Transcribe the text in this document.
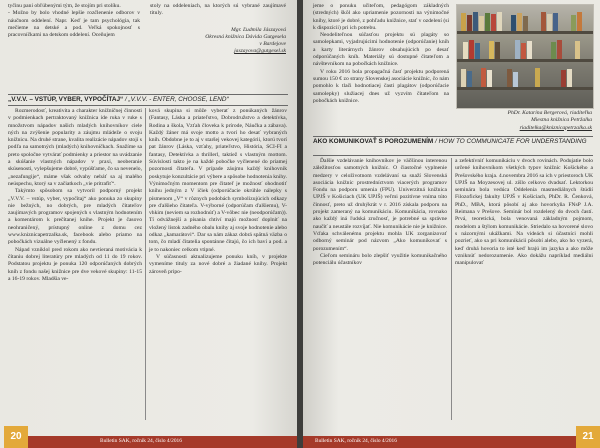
tyčinu pani obľúbenými tým, že stojím pri stolíku.

- Možno by bolo vhodné lepšie rozčlenenie odborov v náučnom oddelení. Napr. Keď je tam psychológia, tak mečieme na detské a pod. Veľká spokojnosť s pracovníčkami na detskom oddelení. Oceňujem

stoly na oddeleniach, na ktorých sú vybrané zaujímavé tituly.

Mgr. Ľudmila Jászayová
Okresná knižnica Dávida Gutgesela
v Bardejove
jaszayova@gutgesel.sk
„V.V.V. – VSTÚP, VYBER, VYPOČÍTAJ“ / „V.V.V. - ENTER, CHOOSE, LEND“

Rozmerodosť, kreativita a charakter knižničnej činnosti v podmienkach pertraktovaný knižnica ide ruka v ruke s množstvom nápadov našich mladých knihovníkov ciele ných na zvýšenie popularity a záujmu mládeže o svoju knižnicu. Na druhé strane, kvalita realizácie nápadov stojí s podľa na samotných (mladých) knihovníčkach. Snažíme sa preto spoločne vytvárať podmienky a priestor na uvádzanie a skúšanie vlastných nápadov v praxi, neoberanie skúsenosti, vylepšujeme dobré, vypúšťame, čo sa nevenelo, „nezafungije“, máme však odvahy nebáť sa aj malého neúspechu, ktorý sa v začiatkoch „vie pritrafiť“.

Takýmto spôsobom sa vytvoril podporný projekt „V.V.V. – vstúp, vyber, vypočítaj“ ako ponuka zo skupiny nie bežných, no dobrých, pre mladých čitateľov zaujímavých programov spojených s vlastným hodnotením a komentárom k prečítanej knihe. Projekt je časovo neohraničený, prístupný online z domu cez www.kniznicapetrzalka.sk, facebook alebo priamo na pobočkách vizuálne vyčlenený z fondu.

Nápad vzniklol pred rokom ako nevtieraná motivácia k čítaniu dobrej literatúry pre mladých od 11 do 19 rokov. Podstatou projektu je ponuka 120 odporúčaných dobrých kníh z fondu našej knižnice pre dve vekové skupiny: 11-15 a 16-19 rokov. Mladšia ve-

ková skupina si môže vyberať z ponúkaných žánrov (Fantasy, Láska a priateľstvo, Dobrodružstvo a detektívka, Rodina a škola, Vzťah človeka k prírode, Náučka a zábava). Každý žáner má svoje motto a tvorí ho desať vybraných kníh. Obdobne je to aj v staršej vekovej kategórii, ktorú tvorí pat žánrov (Láska, vzťahy, priateľstvo, História, SCI-FI a fantasy, Detektívka a thrillerl, taktiež s vlastným mottom. Súvislosti takto je na každé pobočke vyčlenené do priamej pozornosti čitateľa. V prípade záujmu každý knihovník poskytuje konzultácie pri výbere a spôsobe hodnotenia knihy. Výnimočným momentom pre čitateľ je možnosť ohodnotiť knihu jedným z V ičiek (odporúčacie okrúhle nálepky s písmenom „V“ v rôznych podobách symbolizujúcich odkazy pre ďalšieho čitateľa. V-výborné (odporúčam ďalšiemu), V-vhkim (neviem sa rozhodnúť) a V-vôbec nie (neodporúčam)). Tí odvážnejší a písania chtiví majú možnosť doplniť na vložený lístok zadného obalu knihy aj svoje hodnotenie alebo odkaz „kamarátovi“. Dar sa nám zákaz dobrá spätná väzba o tom, čo mladí čitatelia spontánne čítajú, čo ich baví a pod. a je to nakoniec celkom vtipné.

V súčasnosti aktualizujeme ponuku kníh, v projekte vymeníme tituly za nové dobré a žiadané knihy. Projekt zároveň pripo-

Bulletin SAK, ročník 24, číslo 4/2016
20

jeme o ponuku učiteľom, pedagógom základných (stredných) škôl ako upriamenie pozornosti na výnimočné knihy, ktoré je dobré, z pohľadu knižnice, stať v ozdelení (si k dispozícii) pri ich potrebu.

Neodeliteľnou súčasťou projektu sú plagáty so samolepkami, vyjadrujúcimi hodnotenie (odporúčanie) kníh a karty literárnych žánrov obsahujúcich po desať odporúčaných kníh. Materiály sú dostupné čitateľom a návštevníkom na pobočkách knižnice.

V roku 2016 bola propagačná časť projektu podporená sumou 150 € zo strany Slovenskej asociácie knižníc, čo nám pomohlo k tlači hodnotiacej časti plagátov (odporúčacie samolepky) služiacej dnes už vyzvím čitateľom na pobočkách knižnice.

PhDr. Katarína Bergerová, riaditeľka
Miestna knižnica Petržalka
riaditelka@kniznicapetrzalka.sk
AKO KOMUNIKOVAŤ S POROZUMENÍM / HOW TO COMMUNICATE FOR UNDERSTANDING

Ďalšie vzdelávanie knihovníkov je väčšinou interenou záležitosťou samotných knižníc. O čiastočné vyplnenie medzery v celoživotnom vzdelávaní sa snaží Slovenská asociácia knižníc prostredníctvom viacerých programov Fondu na podporu umenia (FPU). Univerzitná knižnica UPJŠ v Košiciach (UK UPJŠ) veľmi pozitívne vníma túto činnosť, preto už druhýkrát v r. 2016 získala podporu na projekt zameraný na komunikáciu. Komunikácia, rovnako ako každý iná ľudská zručnosť, je potrebné sa správne naučiť a neustále rozvíjať. Nie komunikácie nie je knižnice. Vďaka schválenému projektu mohla UK zorganizovať odborný seminár pod názvom „Ako komunikovať s porozumením“.

Cieľom semináru bolo zlepšiť využitie komunikačného potenciálu účastníkov

a zefektívniť komunikáciu v dvoch rovinách. Podujatie bolo určené knihovníkom všetkých typov knižníc Košického a Prešovského kraja. 4.novembra 2016 sa ich v priestoroch UK UPJŠ na Moyzesovej ul. zišlo celkovo dvadsať. Lektorkou seminára bola vedúca Oddelenia masmediálnych štúdií Filozofickej fakulty UPJŠ v Košiciach, PhDr. R. Čenková, PhD., MBA, ktorá pôsobí aj ako hovorkyňa FNsP J.A. Reimana v Prešove. Seminár bol rozdelený do dvoch častí. Prvá, teoretická, bola venovaná základným pojmom, modelom a štýlom komunikácie. Striedalo sa hovorené slovo s názornými ukážkami. Na videách si účastníci mohli pozrieť, ako sa pri komunikácii pôsobí alebo, ako ho vyzerá, keď druhá hovoria to isté keď hrajú im jazyka a ako môže vzniknúť nedorozumenie. Ako dokážu napríklad mediálni manipulovať

Bulletin SAK, ročník 24, číslo 4/2016	21
